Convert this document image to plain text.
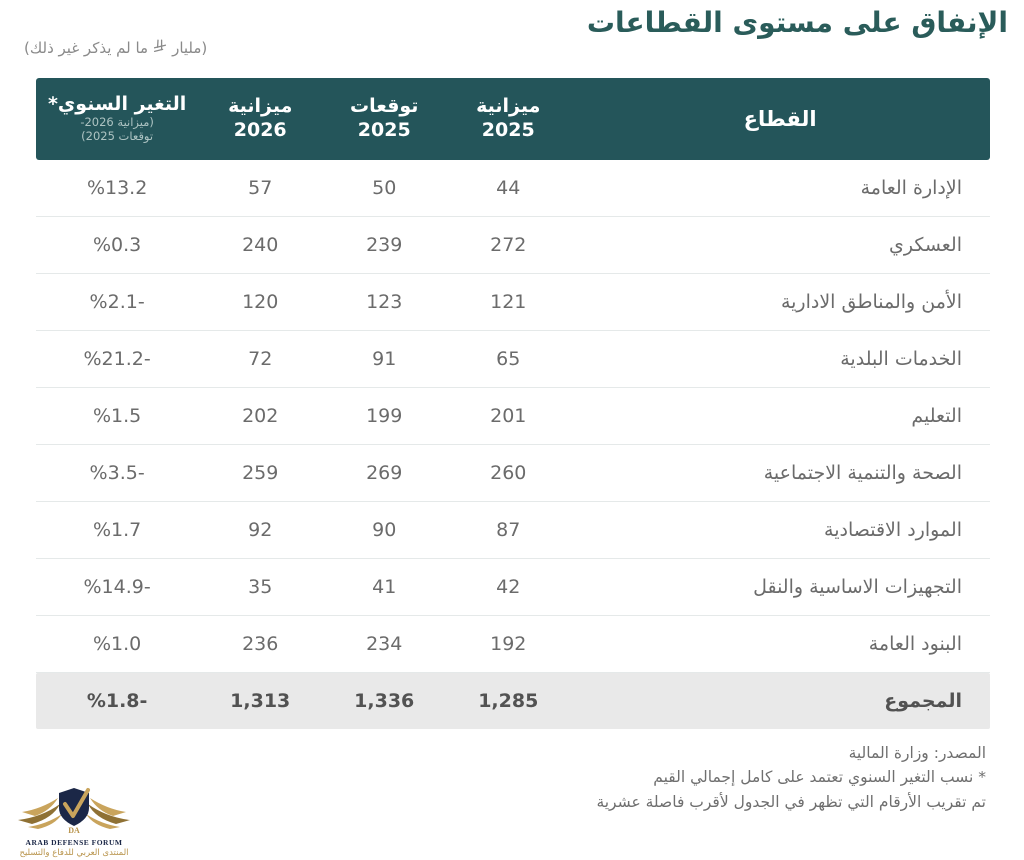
الإنفاق على مستوى القطاعات
(مليار
ما لم يذكر غير ذلك)
القطاع
ميزانية
2025
توقعات
2025
ميزانية
2026
التغير السنوي*
(ميزانية 2026-
توقعات 2025)
الإدارة العامة
44
50
57
%13.2
العسكري
272
239
240
%0.3
الأمن والمناطق الادارية
121
123
120
%2.1-
الخدمات البلدية
65
91
72
%21.2-
التعليم
201
199
202
%1.5
الصحة والتنمية الاجتماعية
260
269
259
%3.5-
الموارد الاقتصادية
87
90
92
%1.7
التجهيزات الاساسية والنقل
42
41
35
%14.9-
البنود العامة
192
234
236
%1.0
المجموع
1,285
1,336
1,313
%1.8-
المصدر: وزارة المالية
* نسب التغير السنوي تعتمد على كامل إجمالي القيم
تم تقريب الأرقام التي تظهر في الجدول لأقرب فاصلة عشرية
DA
ARAB DEFENSE FORUM
المنتدى العربي للدفاع والتسليح
